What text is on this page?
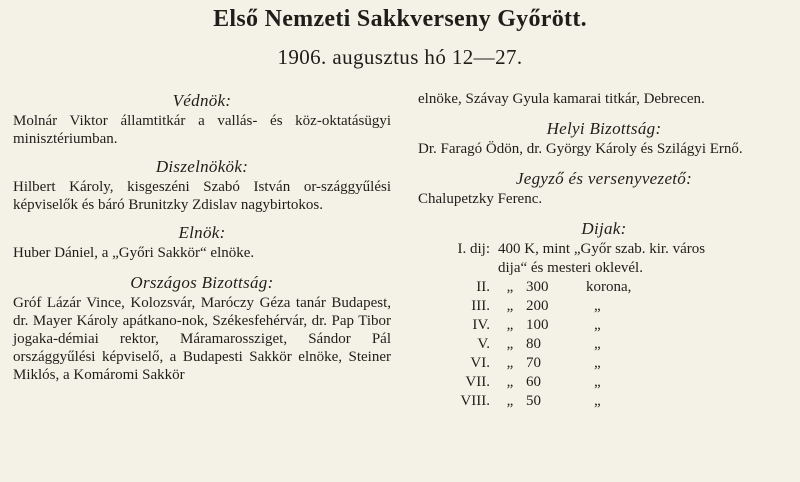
Első Nemzeti Sakkverseny Győrött.
1906. augusztus hó 12—27.
Védnök:

Molnár Viktor államtitkár a vallás- és köz-oktatásügyi minisztériumban.

Diszelnökök:

Hilbert Károly, kisgeszéni Szabó István or-szággyűlési képviselők és báró Brunitzky Zdislav nagybirtokos.

Elnök:

Huber Dániel, a „Győri Sakkör“ elnöke.

Országos Bizottság:

Gróf Lázár Vince, Kolozsvár, Maróczy Géza tanár Budapest, dr. Mayer Károly apátkano-nok, Székesfehérvár, dr. Pap Tibor jogaka-démiai rektor, Máramarossziget, Sándor Pál országgyűlési képviselő, a Budapesti Sakkör elnöke, Steiner Miklós, a Komáromi Sakkör

elnöke, Szávay Gyula kamarai titkár, Debrecen.

Helyi Bizottság:

Dr. Faragó Ödön, dr. György Károly és Szilágyi Ernő.

Jegyző és versenyvezető:

Chalupetzky Ferenc.

Dijak:
I. dij:	400 K, mint „Győr szab. kir. város		
	dija“ és mesteri oklevél.		
II.	„	300	korona,
III.	„	200	„
IV.	„	100	„
V.	„	80	„
VI.	„	70	„
VII.	„	60	„
VIII.	„	50	„
